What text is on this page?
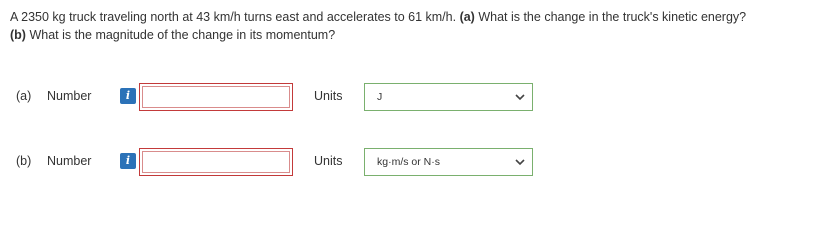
A 2350 kg truck traveling north at 43 km/h turns east and accelerates to 61 km/h. (a) What is the change in the truck's kinetic energy?
(b) What is the magnitude of the change in its momentum?
(a) Number	i	Units	J
(b) Number	i	Units	kg·m/s or N·s
